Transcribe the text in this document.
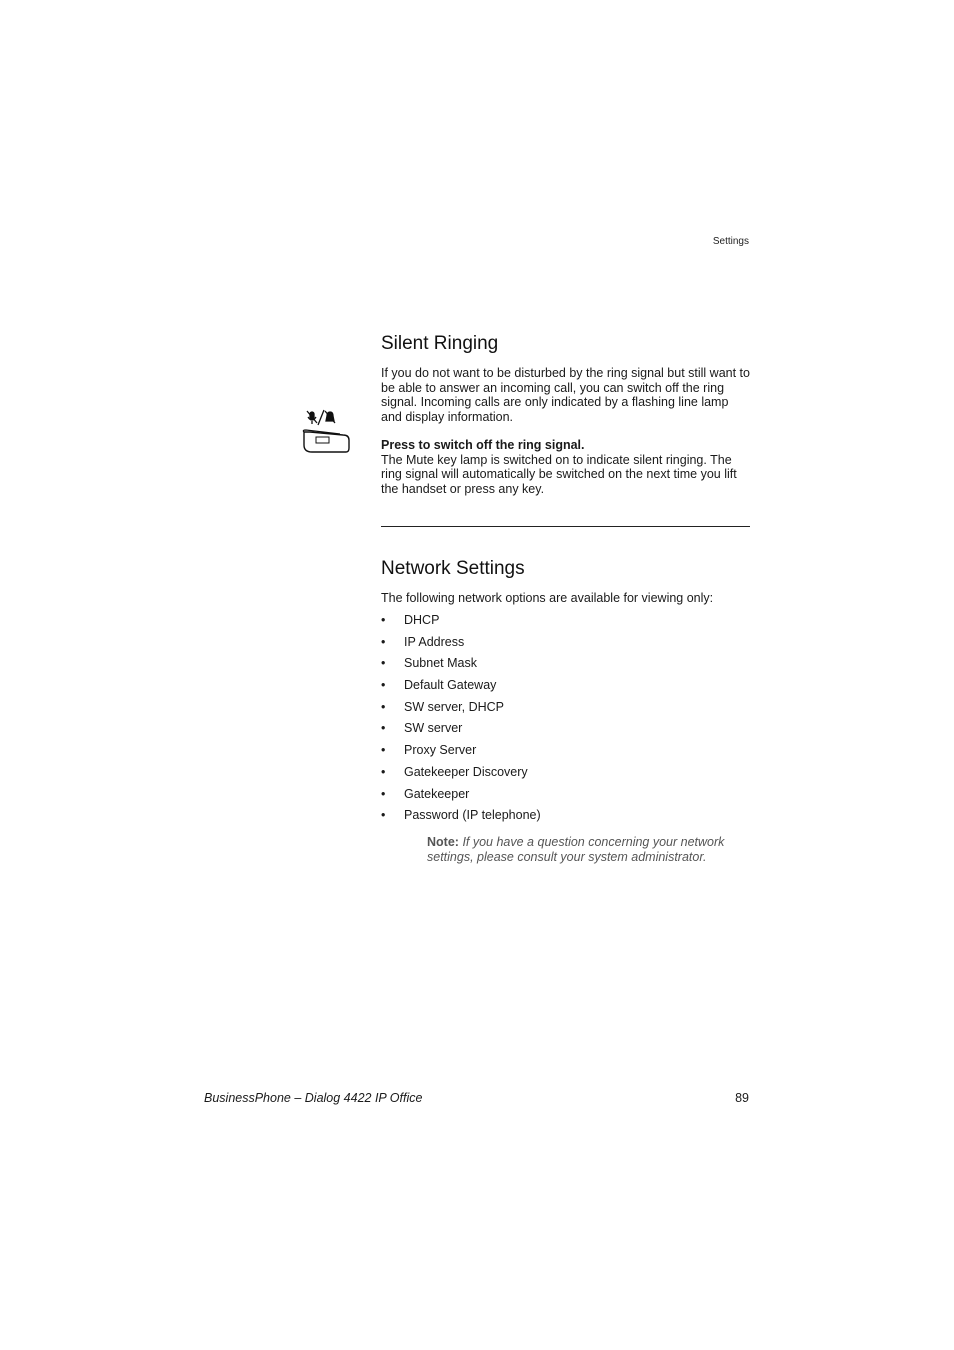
Settings
Silent Ringing

If you do not want to be disturbed by the ring signal but still want to be able to answer an incoming call, you can switch off the ring signal. Incoming calls are only indicated by a flashing line lamp and display information.

Press to switch off the ring signal.

The Mute key lamp is switched on to indicate silent ringing. The ring signal will automatically be switched on the next time you lift the handset or press any key.

Network Settings

The following network options are available for viewing only:

• DHCP
• IP Address
• Subnet Mask
• Default Gateway
• SW server, DHCP
• SW server
• Proxy Server
• Gatekeeper Discovery
• Gatekeeper
• Password (IP telephone)

Note: If you have a question concerning your network settings, please consult your system administrator.

BusinessPhone – Dialog 4422 IP Office	89
